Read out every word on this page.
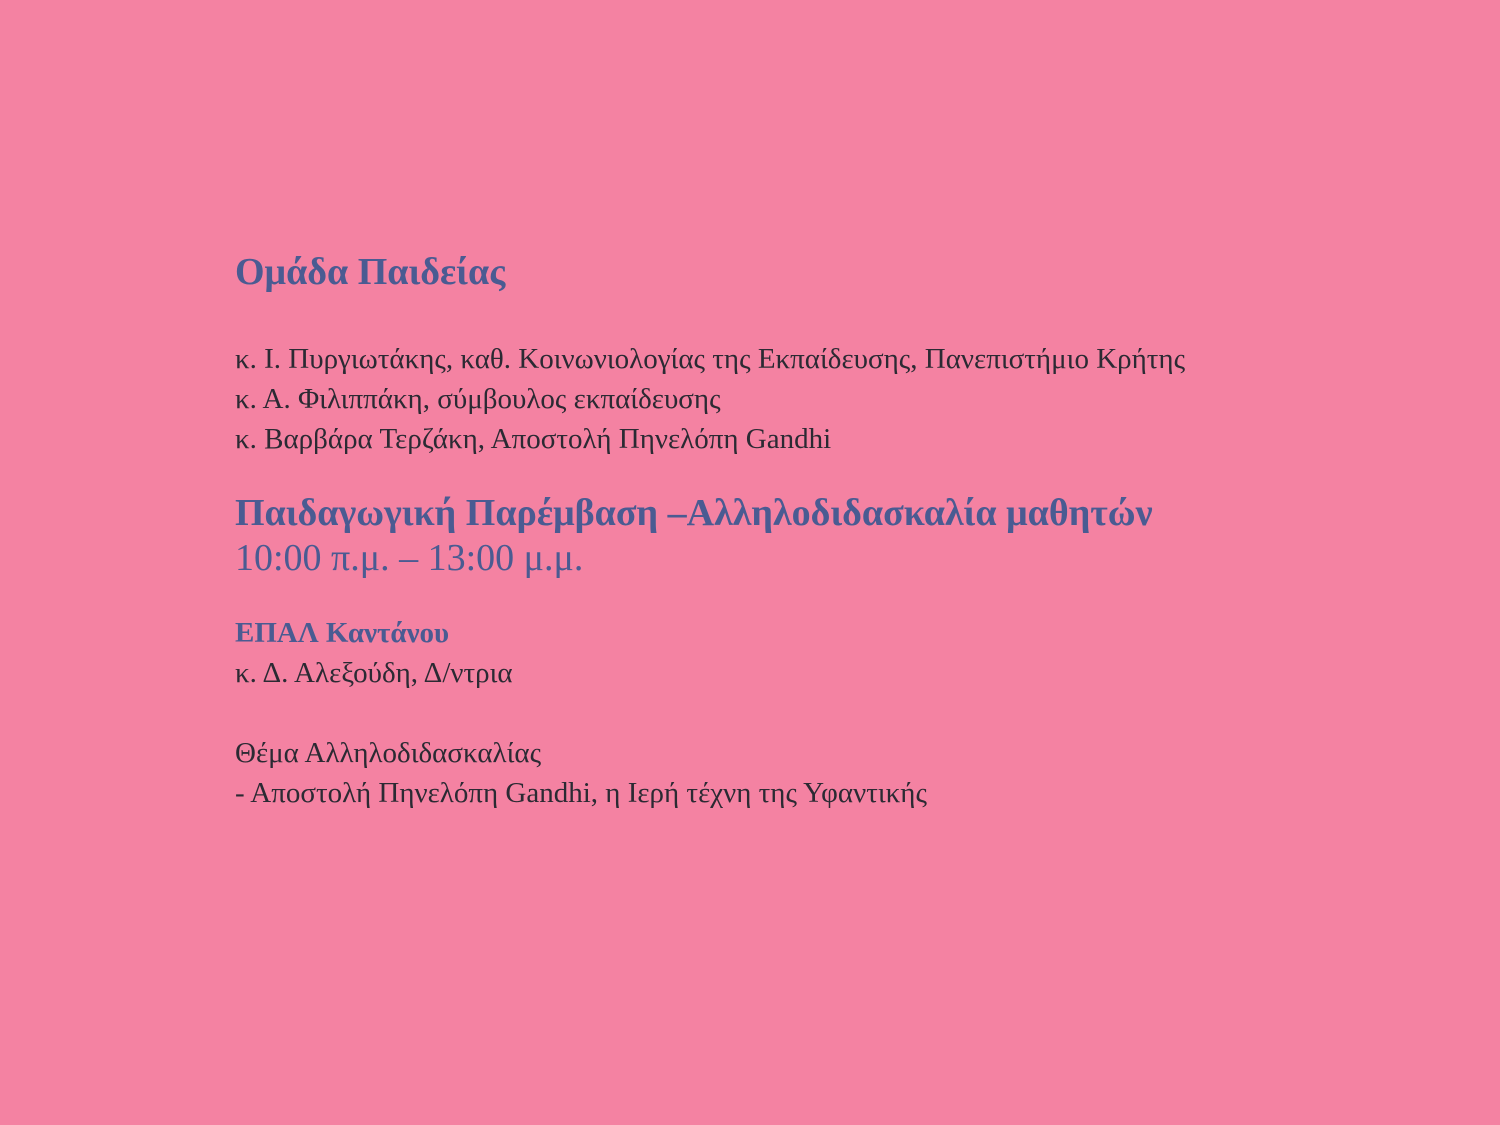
Ομάδα Παιδείας

κ. Ι. Πυργιωτάκης, καθ. Κοινωνιολογίας της Εκπαίδευσης, Πανεπιστήμιο Κρήτης

κ. Α. Φιλιππάκη, σύμβουλος εκπαίδευσης

κ. Βαρβάρα Τερζάκη, Αποστολή Πηνελόπη Gandhi

Παιδαγωγική Παρέμβαση –Αλληλοδιδασκαλία μαθητών

10:00 π.μ. – 13:00 μ.μ.

ΕΠΑΛ Καντάνου

κ. Δ. Αλεξούδη, Δ/ντρια

Θέμα Αλληλοδιδασκαλίας

- Αποστολή Πηνελόπη Gandhi, η Ιερή τέχνη της Υφαντικής
